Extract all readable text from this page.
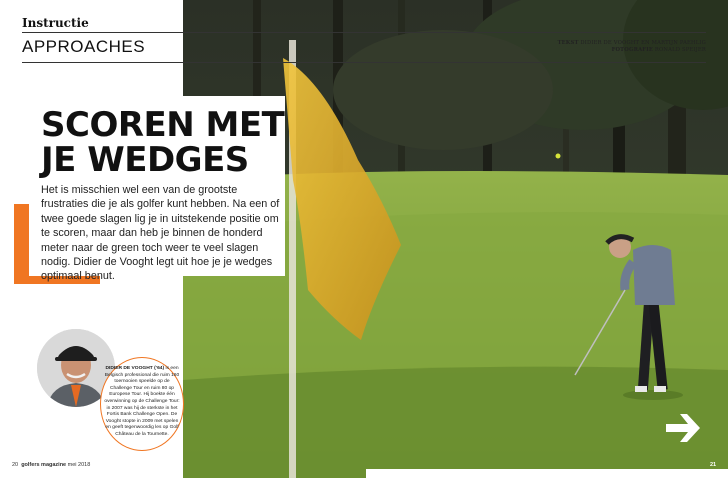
Instructie
APPROACHES	TEKST DIDIER DE VOOGHT EN MARTIJN PAEHLIG
FOTOGRAFIE RONALD SPEIJER
SCOREN MET
JE WEDGES
Het is misschien wel een van de grootste frustraties die je als golfer kunt hebben. Na een of twee goede slagen lig je in uitstekende positie om te scoren, maar dan heb je binnen de honderd meter naar de green toch weer te veel slagen nodig. Didier de Vooght legt uit hoe je je wedges optimaal benut.
DIDIER DE VOOGHT (‘64) is een Belgisch professional die ruim 160 toernooien speelde op de Challenge Tour en ruim 80 op Europese Tour. Hij boekte één overwinning op de Challenge Tour: in 2007 was hij de sterkste in het Fortis Bank Challenge Open. De Vooght stopte in 2009 met spelen en geeft tegenwoordig les op Golf Château de la Tournette.
20 golfers magazine mei 2018	21
